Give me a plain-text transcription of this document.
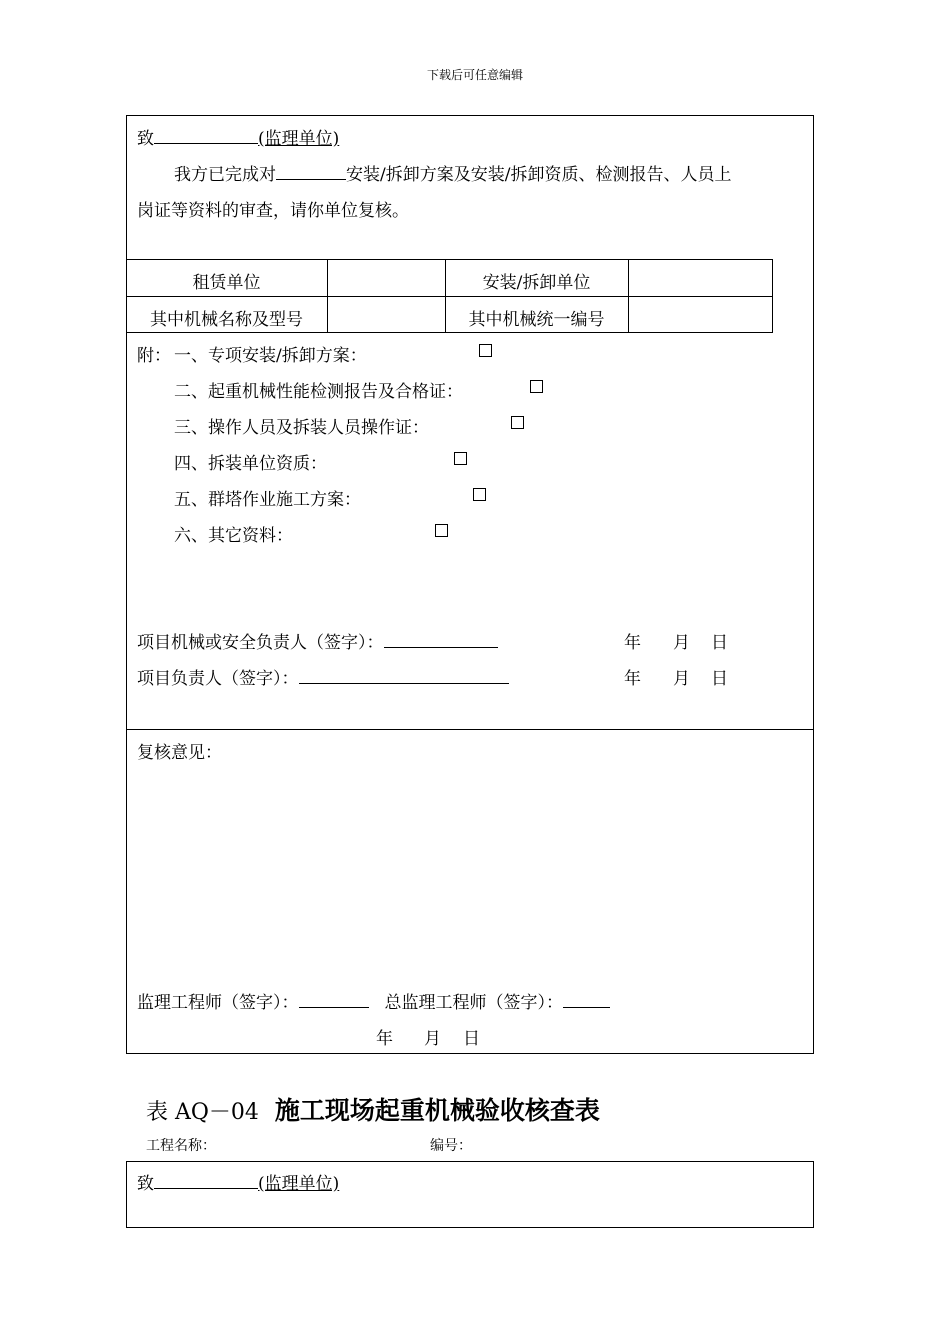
下载后可任意编辑
致	(监理单位)
我方已完成对	安装/拆卸方案及安装/拆卸资质、检测报告、人员上
岗证等资料的审查，请你单位复核。
租赁单位	安装/拆卸单位
其中机械名称及型号	其中机械统一编号
附： 一、专项安装/拆卸方案：
二、起重机械性能检测报告及合格证：
三、操作人员及拆装人员操作证：
四、拆装单位资质：
五、群塔作业施工方案：
六、其它资料：
项目机械或安全负责人（签字）：	年 月 日
项目负责人（签字）：	年 月 日
复核意见：
监理工程师（签字）：	总监理工程师（签字）：
年 月 日
表 AQ－04 施工现场起重机械验收核查表
工程名称：	编号：
致	(监理单位)
